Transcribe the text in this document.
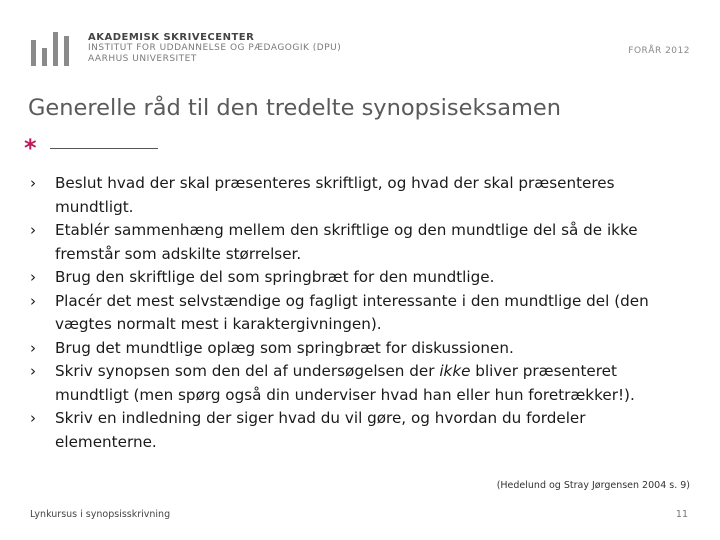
AKADEMISK SKRIVECENTER
INSTITUT FOR UDDANNELSE OG PÆDAGOGIK (DPU)
AARHUS UNIVERSITET
FORÅR 2012
Generelle råd til den tredelte synopsiseksamen
*
› Beslut hvad der skal præsenteres skriftligt, og hvad der skal præsenteres mundtligt.
› Etablér sammenhæng mellem den skriftlige og den mundtlige del så de ikke fremstår som adskilte størrelser.
› Brug den skriftlige del som springbræt for den mundtlige.
› Placér det mest selvstændige og fagligt interessante i den mundtlige del (den vægtes normalt mest i karaktergivningen).
› Brug det mundtlige oplæg som springbræt for diskussionen.
› Skriv synopsen som den del af undersøgelsen der ikke bliver præsenteret mundtligt (men spørg også din underviser hvad han eller hun foretrækker!).
› Skriv en indledning der siger hvad du vil gøre, og hvordan du fordeler elementerne.
(Hedelund og Stray Jørgensen 2004 s. 9)
Lynkursus i synopsisskrivning	11
